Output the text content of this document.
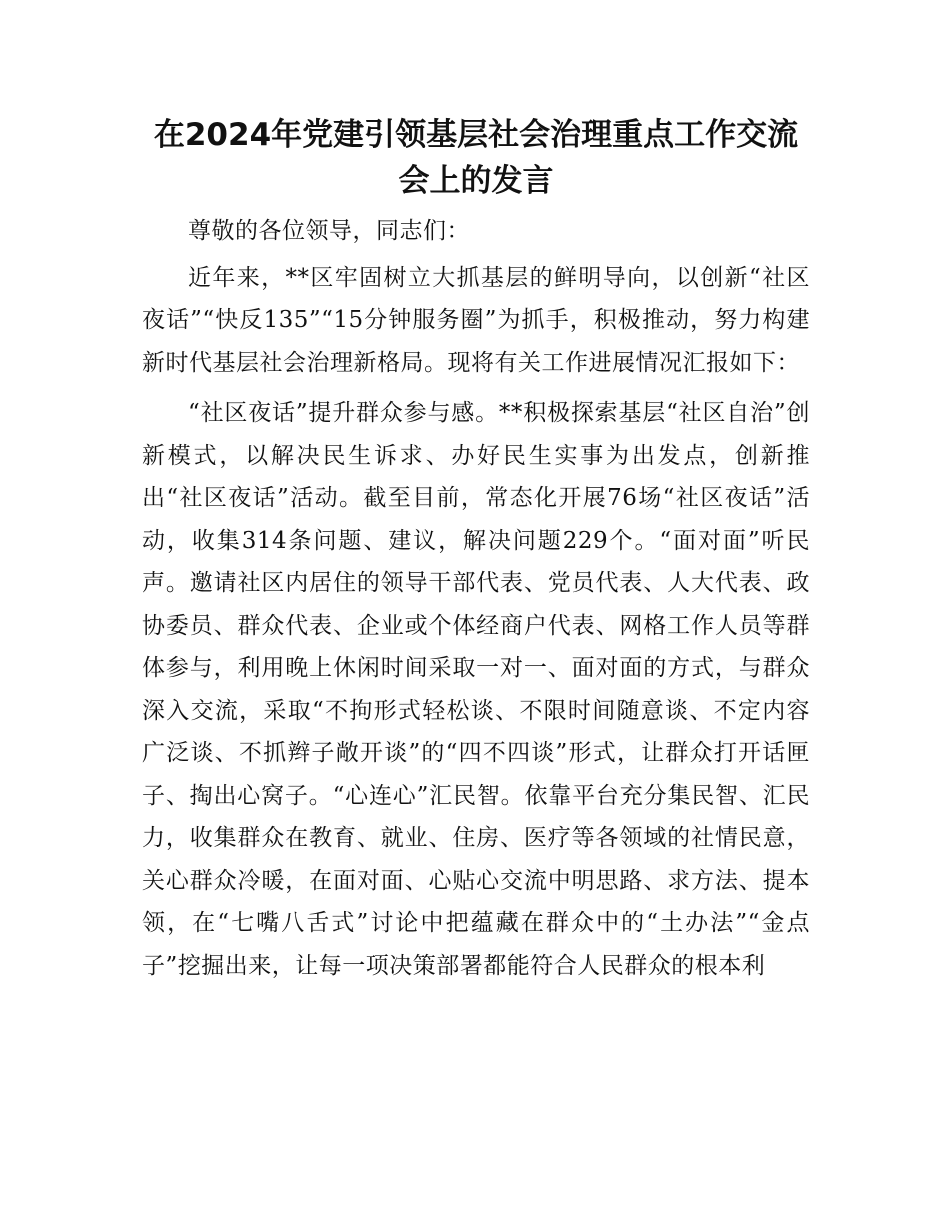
在2024年党建引领基层社会治理重点工作交流
会上的发言

尊敬的各位领导，同志们：

近年来，**区牢固树立大抓基层的鲜明导向，以创新“社区夜话”“快反135”“15分钟服务圈”为抓手，积极推动，努力构建新时代基层社会治理新格局。现将有关工作进展情况汇报如下：

“社区夜话”提升群众参与感。**积极探索基层“社区自治”创新模式，以解决民生诉求、办好民生实事为出发点，创新推出“社区夜话”活动。截至目前，常态化开展76场“社区夜话”活动，收集314条问题、建议，解决问题229个。“面对面”听民声。邀请社区内居住的领导干部代表、党员代表、人大代表、政协委员、群众代表、企业或个体经商户代表、网格工作人员等群体参与，利用晚上休闲时间采取一对一、面对面的方式，与群众深入交流，采取“不拘形式轻松谈、不限时间随意谈、不定内容广泛谈、不抓辫子敞开谈”的“四不四谈”形式，让群众打开话匣子、掏出心窝子。“心连心”汇民智。依靠平台充分集民智、汇民力，收集群众在教育、就业、住房、医疗等各领域的社情民意，关心群众冷暖，在面对面、心贴心交流中明思路、求方法、提本领，在“七嘴八舌式”讨论中把蕴藏在群众中的“土办法”“金点子”挖掘出来，让每一项决策部署都能符合人民群众的根本利
